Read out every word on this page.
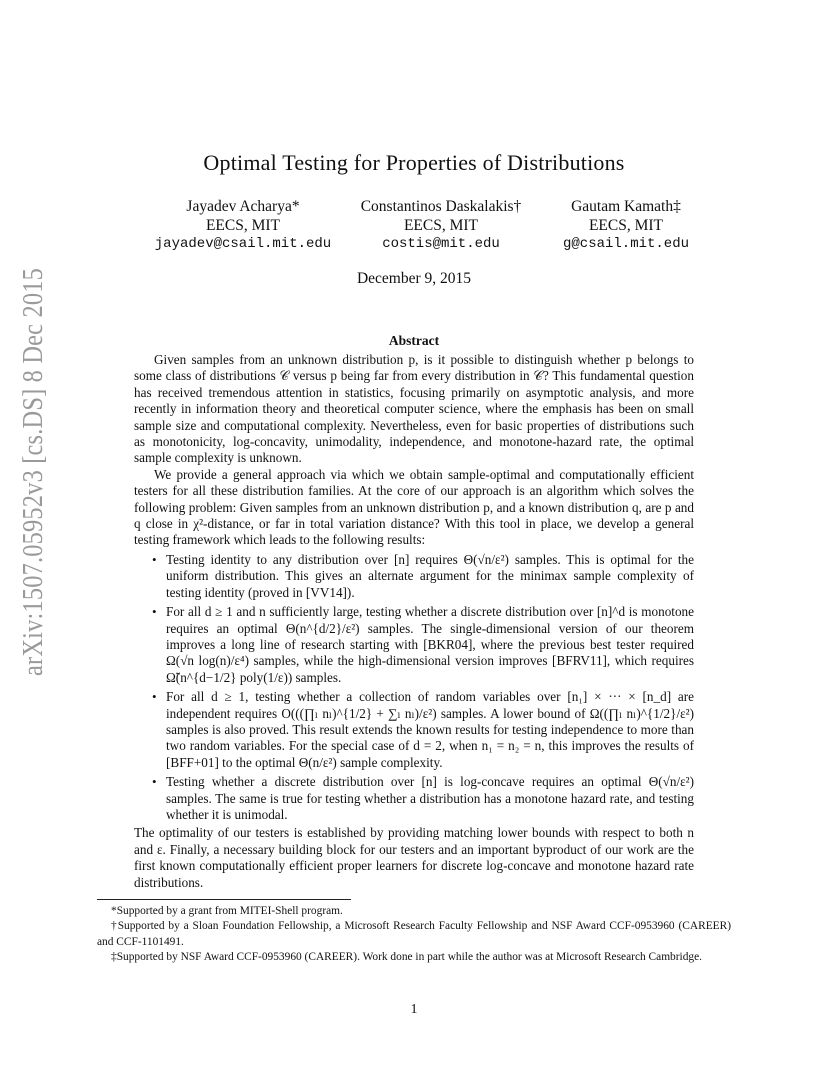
arXiv:1507.05952v3 [cs.DS] 8 Dec 2015
Optimal Testing for Properties of Distributions
Jayadev Acharya*
EECS, MIT
jayadev@csail.mit.edu
Constantinos Daskalakis†
EECS, MIT
costis@mit.edu
Gautam Kamath‡
EECS, MIT
g@csail.mit.edu
December 9, 2015
Abstract

Given samples from an unknown distribution p, is it possible to distinguish whether p belongs to some class of distributions 𝒞 versus p being far from every distribution in 𝒞? This fundamental question has received tremendous attention in statistics, focusing primarily on asymptotic analysis, and more recently in information theory and theoretical computer science, where the emphasis has been on small sample size and computational complexity. Nevertheless, even for basic properties of distributions such as monotonicity, log-concavity, unimodality, independence, and monotone-hazard rate, the optimal sample complexity is unknown.

We provide a general approach via which we obtain sample-optimal and computationally efficient testers for all these distribution families. At the core of our approach is an algorithm which solves the following problem: Given samples from an unknown distribution p, and a known distribution q, are p and q close in χ²-distance, or far in total variation distance? With this tool in place, we develop a general testing framework which leads to the following results:

• Testing identity to any distribution over [n] requires Θ(√n/ε²) samples. This is optimal for the uniform distribution. This gives an alternate argument for the minimax sample complexity of testing identity (proved in [VV14]).
• For all d ≥ 1 and n sufficiently large, testing whether a discrete distribution over [n]^d is monotone requires an optimal Θ(n^{d/2}/ε²) samples. The single-dimensional version of our theorem improves a long line of research starting with [BKR04], where the previous best tester required Ω(√n log(n)/ε⁴) samples, while the high-dimensional version improves [BFRV11], which requires Ω̃(n^{d−1/2} poly(1/ε)) samples.
• For all d ≥ 1, testing whether a collection of random variables over [n₁] × ··· × [n_d] are independent requires O(((∏ₗ nₗ)^{1/2} + ∑ₗ nₗ)/ε²) samples. A lower bound of Ω((∏ₗ nₗ)^{1/2}/ε²) samples is also proved. This result extends the known results for testing independence to more than two random variables. For the special case of d = 2, when n₁ = n₂ = n, this improves the results of [BFF+01] to the optimal Θ(n/ε²) sample complexity.
• Testing whether a discrete distribution over [n] is log-concave requires an optimal Θ(√n/ε²) samples. The same is true for testing whether a distribution has a monotone hazard rate, and testing whether it is unimodal.

The optimality of our testers is established by providing matching lower bounds with respect to both n and ε. Finally, a necessary building block for our testers and an important byproduct of our work are the first known computationally efficient proper learners for discrete log-concave and monotone hazard rate distributions.

*Supported by a grant from MITEI-Shell program.

†Supported by a Sloan Foundation Fellowship, a Microsoft Research Faculty Fellowship and NSF Award CCF-0953960 (CAREER) and CCF-1101491.

‡Supported by NSF Award CCF-0953960 (CAREER). Work done in part while the author was at Microsoft Research Cambridge.

1
